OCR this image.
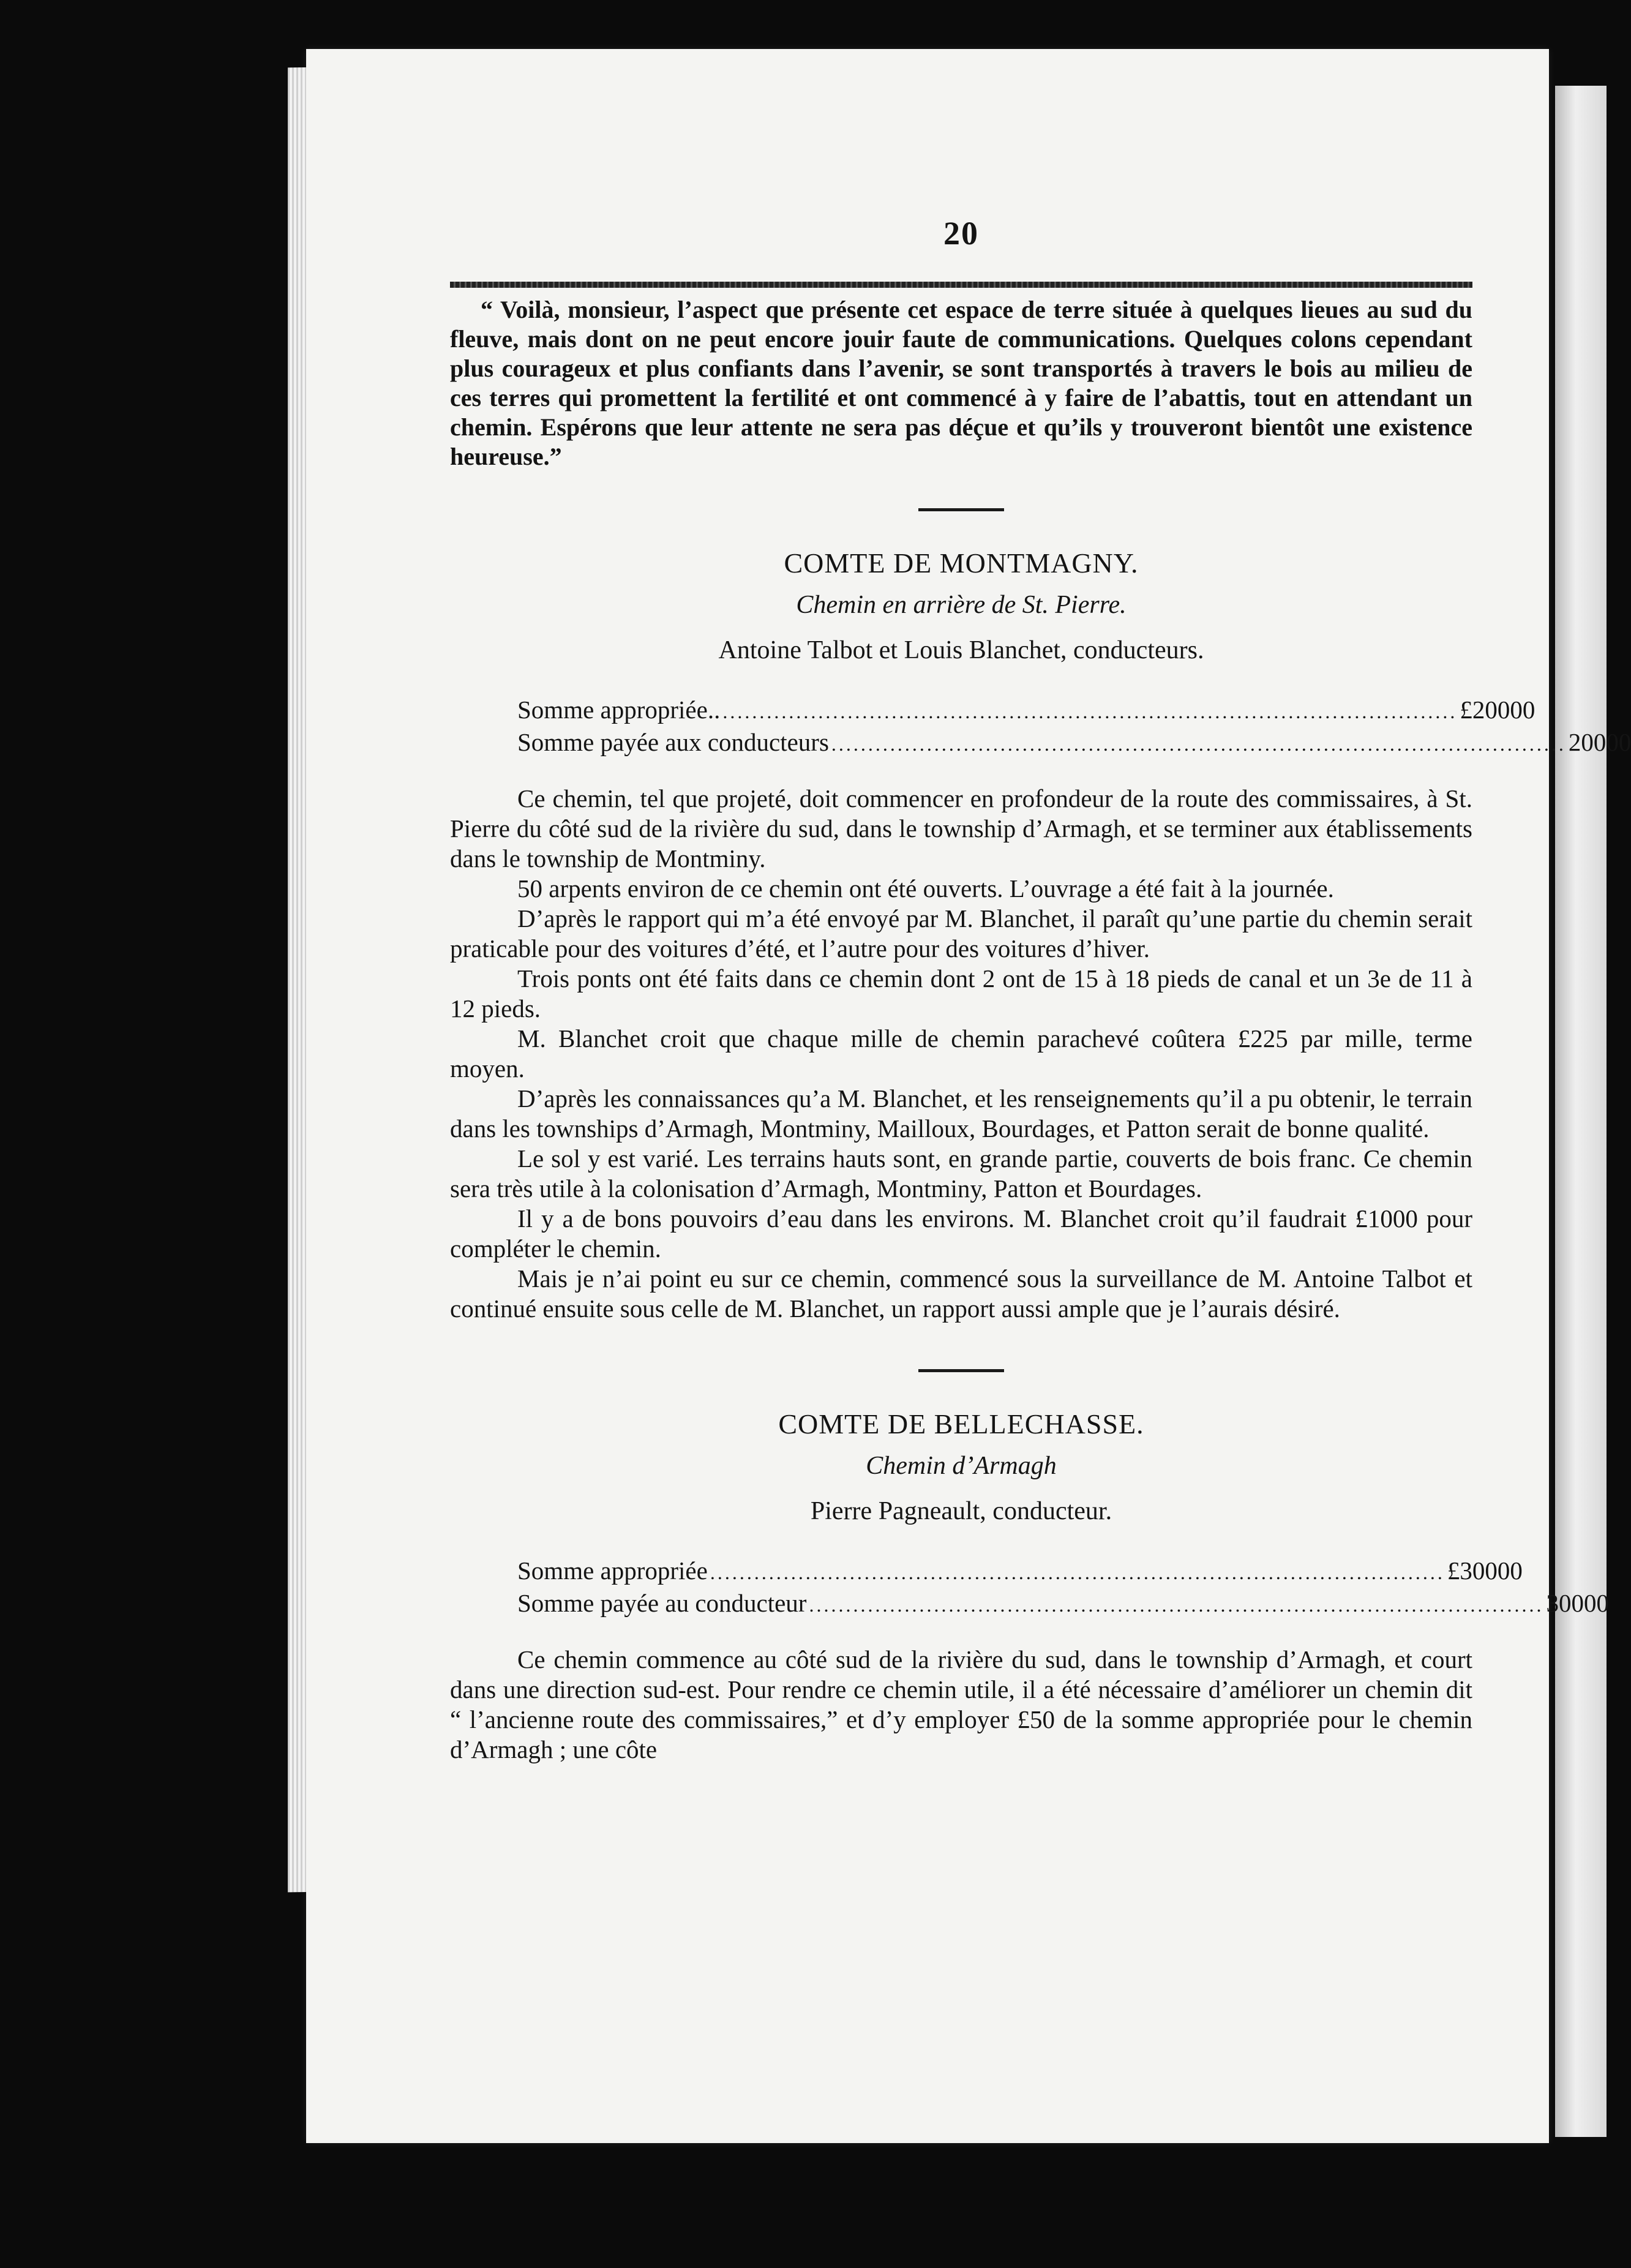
20

“ Voilà, monsieur, l’aspect que présente cet espace de terre située à quelques lieues au sud du fleuve, mais dont on ne peut encore jouir faute de communications. Quelques colons cependant plus courageux et plus confiants dans l’avenir, se sont transportés à travers le bois au milieu de ces terres qui promettent la fertilité et ont commencé à y faire de l’abattis, tout en attendant un chemin. Espérons que leur attente ne sera pas déçue et qu’ils y trouveront bientôt une existence heureuse.”

COMTE DE MONTMAGNY.
Chemin en arrière de St. Pierre.
Antoine Talbot et Louis Blanchet, conducteurs.
Somme appropriée.. .................................................................................................... £200 0 0
Somme payée aux conducteurs .................................................................................................... 200 0 0

Ce chemin, tel que projeté, doit commencer en profondeur de la route des commissaires, à St. Pierre du côté sud de la rivière du sud, dans le township d’Armagh, et se terminer aux établissements dans le township de Montminy.

50 arpents environ de ce chemin ont été ouverts. L’ouvrage a été fait à la journée.

D’après le rapport qui m’a été envoyé par M. Blanchet, il paraît qu’une partie du chemin serait praticable pour des voitures d’été, et l’autre pour des voitures d’hiver.

Trois ponts ont été faits dans ce chemin dont 2 ont de 15 à 18 pieds de canal et un 3e de 11 à 12 pieds.

M. Blanchet croit que chaque mille de chemin parachevé coûtera £225 par mille, terme moyen.

D’après les connaissances qu’a M. Blanchet, et les renseignements qu’il a pu obtenir, le terrain dans les townships d’Armagh, Montminy, Mailloux, Bourdages, et Patton serait de bonne qualité.

Le sol y est varié. Les terrains hauts sont, en grande partie, couverts de bois franc. Ce chemin sera très utile à la colonisation d’Armagh, Montminy, Patton et Bourdages.

Il y a de bons pouvoirs d’eau dans les environs. M. Blanchet croit qu’il faudrait £1000 pour compléter le chemin.

Mais je n’ai point eu sur ce chemin, commencé sous la surveillance de M. Antoine Talbot et continué ensuite sous celle de M. Blanchet, un rapport aussi ample que je l’aurais désiré.

COMTE DE BELLECHASSE.
Chemin d’Armagh
Pierre Pagneault, conducteur.
Somme appropriée .................................................................................................... £300 0 0
Somme payée au conducteur .................................................................................................... 300 0 0

Ce chemin commence au côté sud de la rivière du sud, dans le township d’Armagh, et court dans une direction sud-est. Pour rendre ce chemin utile, il a été nécessaire d’améliorer un chemin dit “ l’ancienne route des commissaires,” et d’y employer £50 de la somme appropriée pour le chemin d’Armagh ; une côte
